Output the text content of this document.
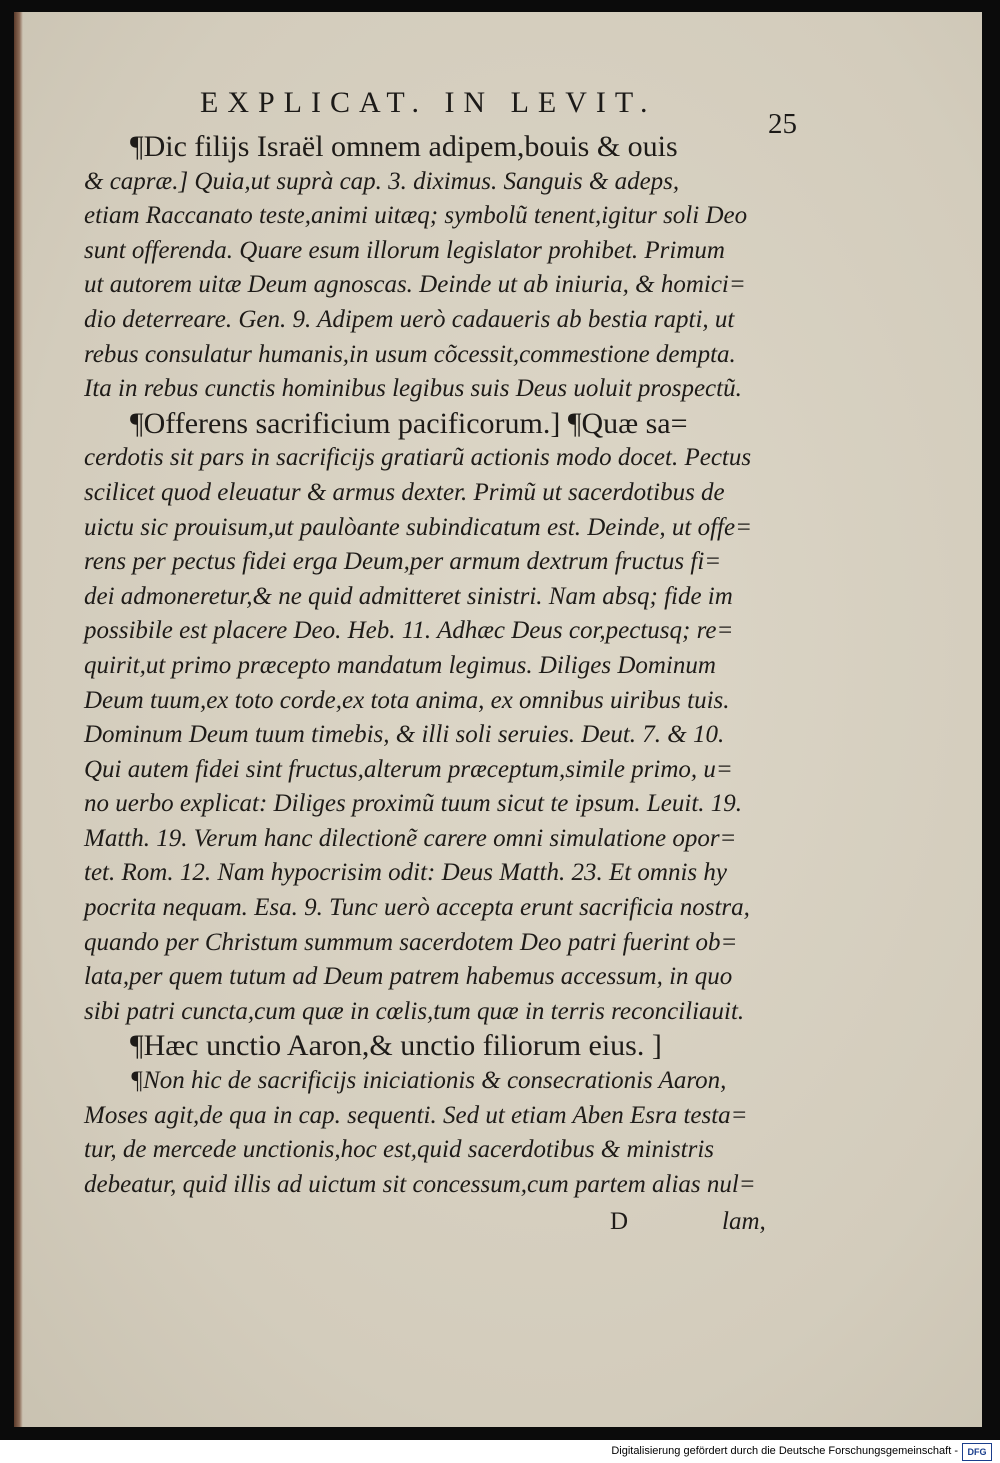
EXPLICAT. IN LEVIT.
25
¶Dic filijs Israël omnem adipem,bouis & ouis
& capræ.] Quia,ut suprà cap. 3. diximus. Sanguis & adeps,
etiam Raccanato teste,animi uitæq; symbolũ tenent,igitur soli Deo
sunt offerenda. Quare esum illorum legislator prohibet. Primum
ut autorem uitæ Deum agnoscas. Deinde ut ab iniuria, & homici=
dio deterreare. Gen. 9. Adipem uerò cadaueris ab bestia rapti, ut
rebus consulatur humanis,in usum cõcessit,commestione dempta.
Ita in rebus cunctis hominibus legibus suis Deus uoluit prospectũ.
¶Offerens sacrificium pacificorum.] ¶Quæ sa=
cerdotis sit pars in sacrificijs gratiarũ actionis modo docet. Pectus
scilicet quod eleuatur & armus dexter. Primũ ut sacerdotibus de
uictu sic prouisum,ut paulòante subindicatum est. Deinde, ut offe=
rens per pectus fidei erga Deum,per armum dextrum fructus fi=
dei admoneretur,& ne quid admitteret sinistri. Nam absq; fide im
possibile est placere Deo. Heb. 11. Adhæc Deus cor,pectusq; re=
quirit,ut primo præcepto mandatum legimus. Diliges Dominum
Deum tuum,ex toto corde,ex tota anima, ex omnibus uiribus tuis.
Dominum Deum tuum timebis, & illi soli seruies. Deut. 7. & 10.
Qui autem fidei sint fructus,alterum præceptum,simile primo, u=
no uerbo explicat: Diliges proximũ tuum sicut te ipsum. Leuit. 19.
Matth. 19. Verum hanc dilectionẽ carere omni simulatione opor=
tet. Rom. 12. Nam hypocrisim odit: Deus Matth. 23. Et omnis hy
pocrita nequam. Esa. 9. Tunc uerò accepta erunt sacrificia nostra,
quando per Christum summum sacerdotem Deo patri fuerint ob=
lata,per quem tutum ad Deum patrem habemus accessum, in quo
sibi patri cuncta,cum quæ in cœlis,tum quæ in terris reconciliauit.
¶Hæc unctio Aaron,& unctio filiorum eius. ]
¶Non hic de sacrificijs iniciationis & consecrationis Aaron,
Moses agit,de qua in cap. sequenti. Sed ut etiam Aben Esra testa=
tur, de mercede unctionis,hoc est,quid sacerdotibus & ministris
debeatur, quid illis ad uictum sit concessum,cum partem alias nul=
D	lam,
Digitalisierung gefördert durch die Deutsche Forschungsgemeinschaft -	DFG
